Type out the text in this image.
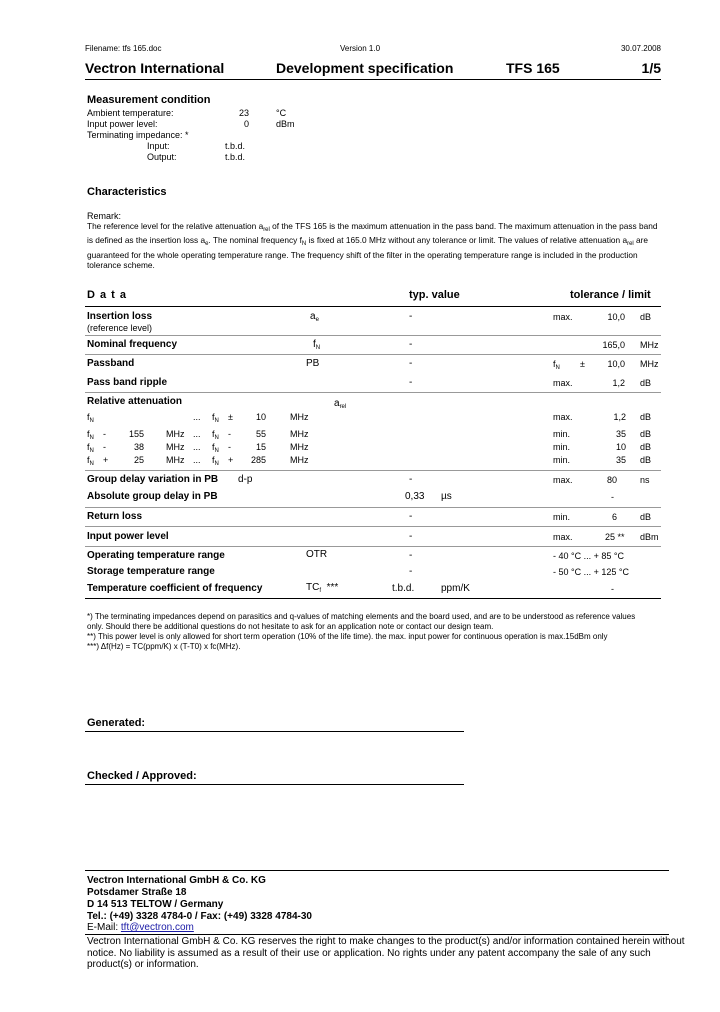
Filename: tfs 165.doc	Version 1.0	30.07.2008
Vectron International	Development specification	TFS 165	1/5
Measurement condition
Ambient temperature:	23	°C
Input power level:	0	dBm
Terminating impedance: *
Input:	t.b.d.
Output:	t.b.d.
Characteristics
Remark:
The reference level for the relative attenuation $a_{rel}$ of the TFS 165 is the maximum attenuation in the pass band. The maximum attenuation in the pass band
is defined as the insertion loss $a_e$. The nominal frequency $f_N$ is fixed at 165.0 MHz without any tolerance or limit. The values of relative attenuation $a_{rel}$ are
guaranteed for the whole operating temperature range. The frequency shift of the filter in the operating temperature range is included in the production
tolerance scheme.
D a t a	typ. value	tolerance / limit
Insertion loss
(reference level)
$a_e$	-	max.	10,0 dB
Nominal frequency	$f_N$	-	165,0 MHz
Passband	PB	-	$f_N$ ±	10,0 MHz
Pass band ripple	-	max.	1,2 dB
Relative attenuation	$a_{rel}$
$f_N$	... $f_N$ ±	10	MHz	max.	1,2 dB
$f_N$ -	155 MHz ... $f_N$ -	55	MHz	min.	35 dB
$f_N$ -	38 MHz ... $f_N$ -	15	MHz	min.	10 dB
$f_N$ +	25 MHz ... $f_N$ +	285	MHz	min.	35 dB
Group delay variation in PB d-p	-	max.	80	ns
Absolute group delay in PB	0,33 µs	-
Return loss	-	min.	6	dB
Input power level	-	max.	25 ** dBm
Operating temperature range	OTR	-	- 40 °C ... + 85 °C
Storage temperature range	-	- 50 °C ... + 125 °C
Temperature coefficient of frequency	$TC_f$ ***	t.b.d.	ppm/K	-
*) The terminating impedances depend on parasitics and q-values of matching elements and the board used, and are to be understood as reference values
only. Should there be additional questions do not hesitate to ask for an application note or contact our design team.
**) This power level is only allowed for short term operation (10% of the life time). the max. input power for continuous operation is max.15dBm only
***) Δf(Hz) = TC(ppm/K) x (T-T0) x fc(MHz).
Generated:
Checked / Approved:
Vectron International GmbH & Co. KG
Potsdamer Straße 18
D 14 513 TELTOW / Germany
Tel.: (+49) 3328 4784-0 / Fax: (+49) 3328 4784-30
E-Mail: tft@vectron.com
Vectron International GmbH & Co. KG reserves the right to make changes to the product(s) and/or information contained herein without
notice. No liability is assumed as a result of their use or application. No rights under any patent accompany the sale of any such
product(s) or information.
